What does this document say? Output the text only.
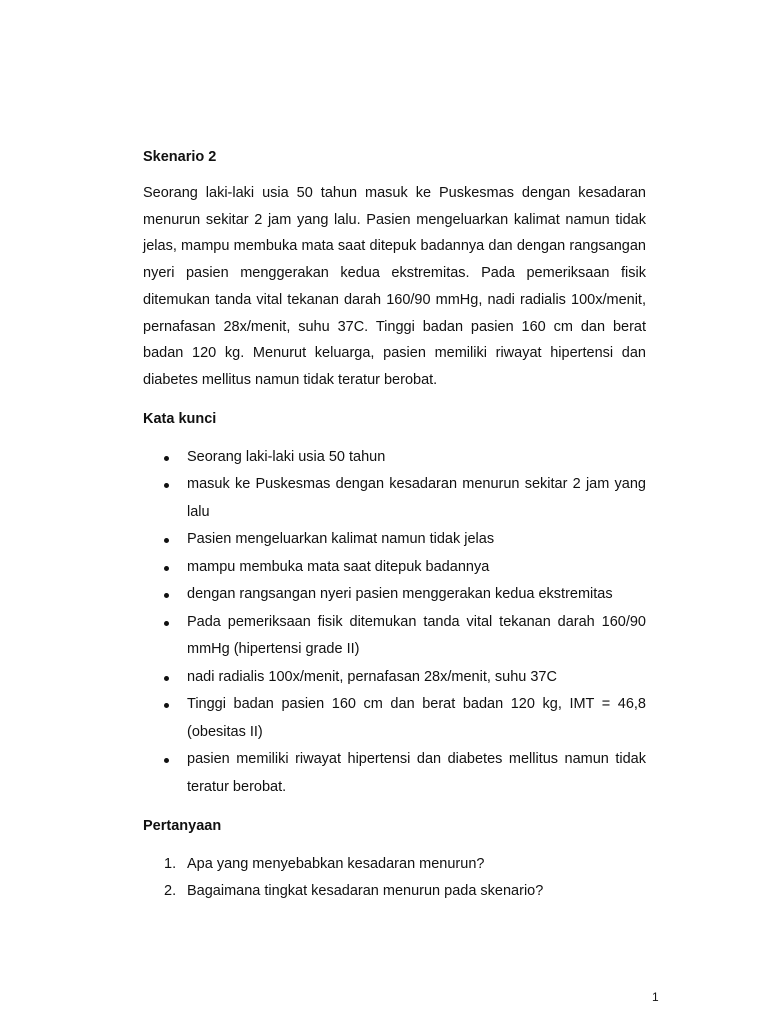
Skenario 2

Seorang laki-laki usia 50 tahun masuk ke Puskesmas dengan kesadaran menurun sekitar 2 jam yang lalu. Pasien mengeluarkan kalimat namun tidak jelas, mampu membuka mata saat ditepuk badannya dan dengan rangsangan nyeri pasien menggerakan kedua ekstremitas. Pada pemeriksaan fisik ditemukan tanda vital tekanan darah 160/90 mmHg, nadi radialis 100x/menit, pernafasan 28x/menit, suhu 37C. Tinggi badan pasien 160 cm dan berat badan 120 kg. Menurut keluarga, pasien memiliki riwayat hipertensi dan diabetes mellitus namun tidak teratur berobat.

Kata kunci

Seorang laki-laki usia 50 tahun
masuk ke Puskesmas dengan kesadaran menurun sekitar 2 jam yang lalu
Pasien mengeluarkan kalimat namun tidak jelas
mampu membuka mata saat ditepuk badannya
dengan rangsangan nyeri pasien menggerakan kedua ekstremitas
Pada pemeriksaan fisik ditemukan tanda vital tekanan darah 160/90 mmHg (hipertensi grade II)
nadi radialis 100x/menit, pernafasan 28x/menit, suhu 37C
Tinggi badan pasien 160 cm dan berat badan 120 kg, IMT = 46,8 (obesitas II)
pasien memiliki riwayat hipertensi dan diabetes mellitus namun tidak teratur berobat.

Pertanyaan

1. Apa yang menyebabkan kesadaran menurun?
2. Bagaimana tingkat kesadaran menurun pada skenario?
1
